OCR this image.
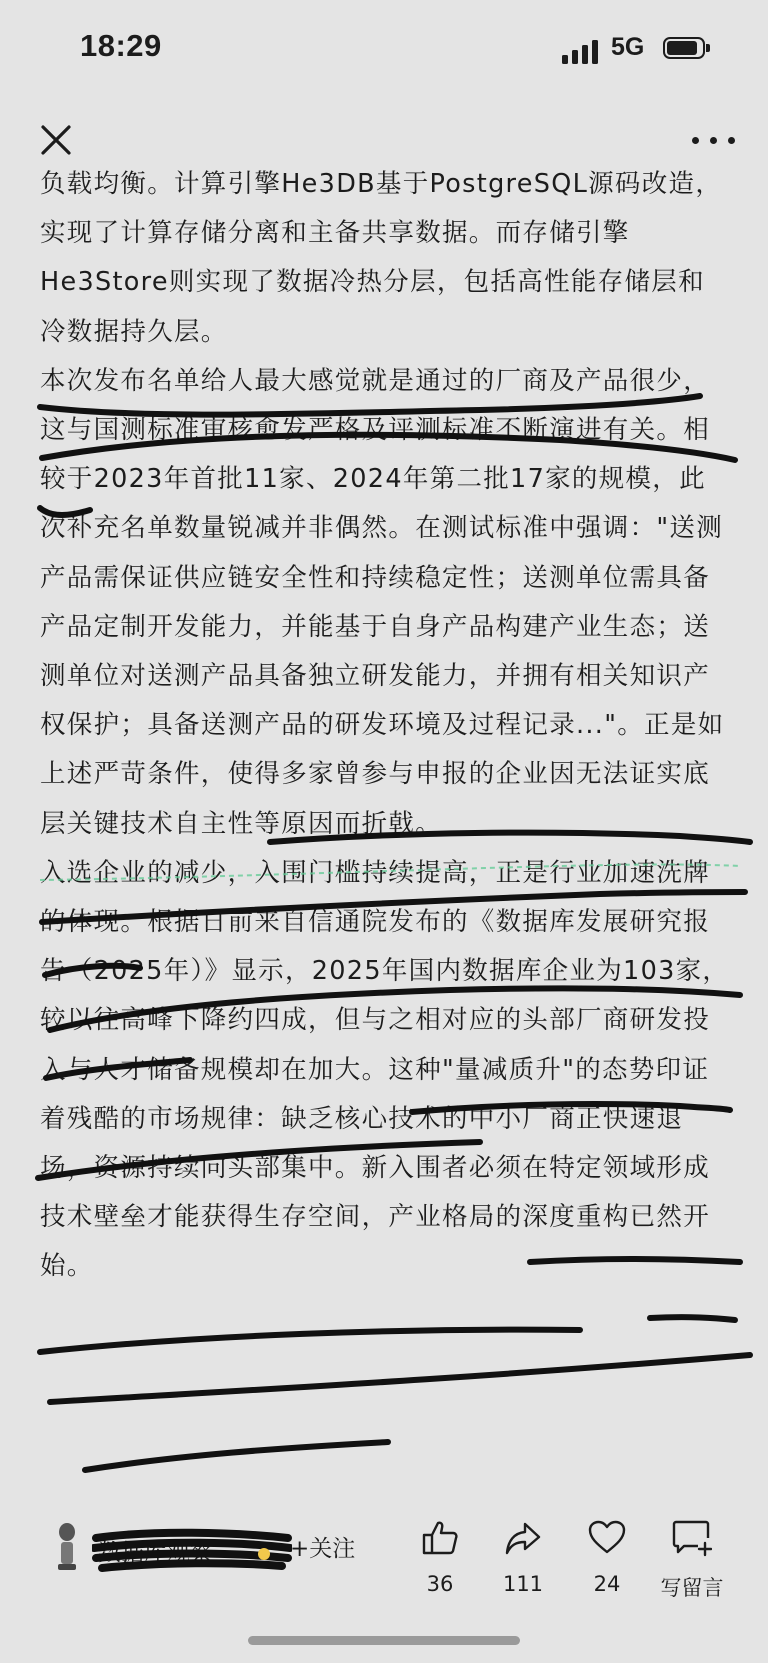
18:29	5G

负载均衡。计算引擎He3DB基于PostgreSQL源码改造，实现了计算存储分离和主备共享数据。而存储引擎He3Store则实现了数据冷热分层，包括高性能存储层和冷数据持久层。

本次发布名单给人最大感觉就是通过的厂商及产品很少，这与国测标准审核愈发严格及评测标准不断演进有关。相较于2023年首批11家、2024年第二批17家的规模，此次补充名单数量锐减并非偶然。在测试标准中强调："送测产品需保证供应链安全性和持续稳定性；送测单位需具备产品定制开发能力，并能基于自身产品构建产业生态；送测单位对送测产品具备独立研发能力，并拥有相关知识产权保护；具备送测产品的研发环境及过程记录..."。正是如上述严苛条件，使得多家曾参与申报的企业因无法证实底层关键技术自主性等原因而折戟。

入选企业的减少，入围门槛持续提高，正是行业加速洗牌的体现。根据日前来自信通院发布的《数据库发展研究报告（2025年）》显示，2025年国内数据库企业为103家，较以往高峰下降约四成，但与之相对应的头部厂商研发投入与人才储备规模却在加大。这种"量减质升"的态势印证着残酷的市场规律：缺乏核心技术的中小厂商正快速退场，资源持续向头部集中。新入围者必须在特定领域形成技术壁垒才能获得生存空间，产业格局的深度重构已然开始。

数据库观察	+关注
36	111	24	写留言
